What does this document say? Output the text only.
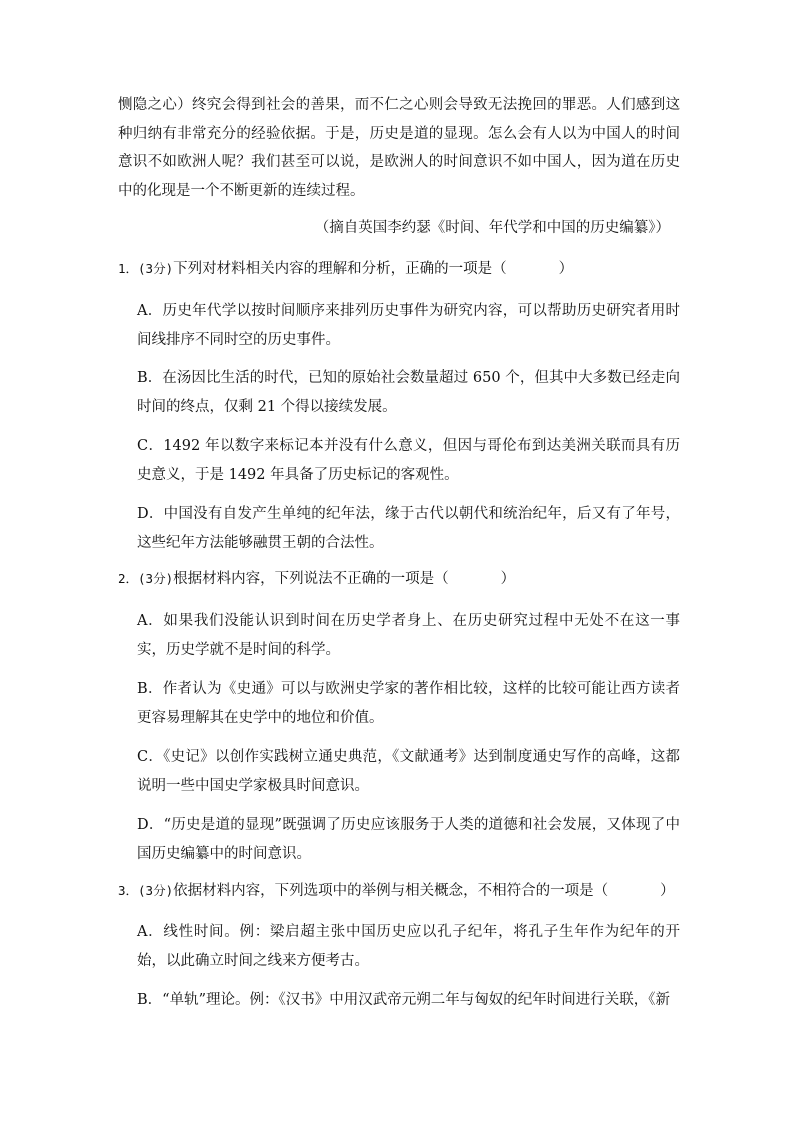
恻隐之心）终究会得到社会的善果，而不仁之心则会导致无法挽回的罪恶。人们感到这种归纳有非常充分的经验依据。于是，历史是道的显现。怎么会有人以为中国人的时间意识不如欧洲人呢？我们甚至可以说，是欧洲人的时间意识不如中国人，因为道在历史中的化现是一个不断更新的连续过程。

（摘自英国李约瑟《时间、年代学和中国的历史编纂》）
1．(3分)下列对材料相关内容的理解和分析，正确的一项是（	）

A．历史年代学以按时间顺序来排列历史事件为研究内容，可以帮助历史研究者用时间线排序不同时空的历史事件。

B．在汤因比生活的时代，已知的原始社会数量超过 650 个，但其中大多数已经走向时间的终点，仅剩 21 个得以接续发展。

C．1492 年以数字来标记本并没有什么意义，但因与哥伦布到达美洲关联而具有历史意义，于是 1492 年具备了历史标记的客观性。

D．中国没有自发产生单纯的纪年法，缘于古代以朝代和统治纪年，后又有了年号，这些纪年方法能够融贯王朝的合法性。

2．(3分)根据材料内容，下列说法不正确的一项是（	）

A．如果我们没能认识到时间在历史学者身上、在历史研究过程中无处不在这一事实，历史学就不是时间的科学。

B．作者认为《史通》可以与欧洲史学家的著作相比较，这样的比较可能让西方读者更容易理解其在史学中的地位和价值。

C．《史记》以创作实践树立通史典范，《文献通考》达到制度通史写作的高峰，这都说明一些中国史学家极具时间意识。

D．“历史是道的显现”既强调了历史应该服务于人类的道德和社会发展，又体现了中国历史编纂中的时间意识。

3．(3分)依据材料内容，下列选项中的举例与相关概念，不相符合的一项是（	）

A．线性时间。例：梁启超主张中国历史应以孔子纪年，将孔子生年作为纪年的开始，以此确立时间之线来方便考古。

B．“单轨”理论。例：《汉书》中用汉武帝元朔二年与匈奴的纪年时间进行关联，《新
